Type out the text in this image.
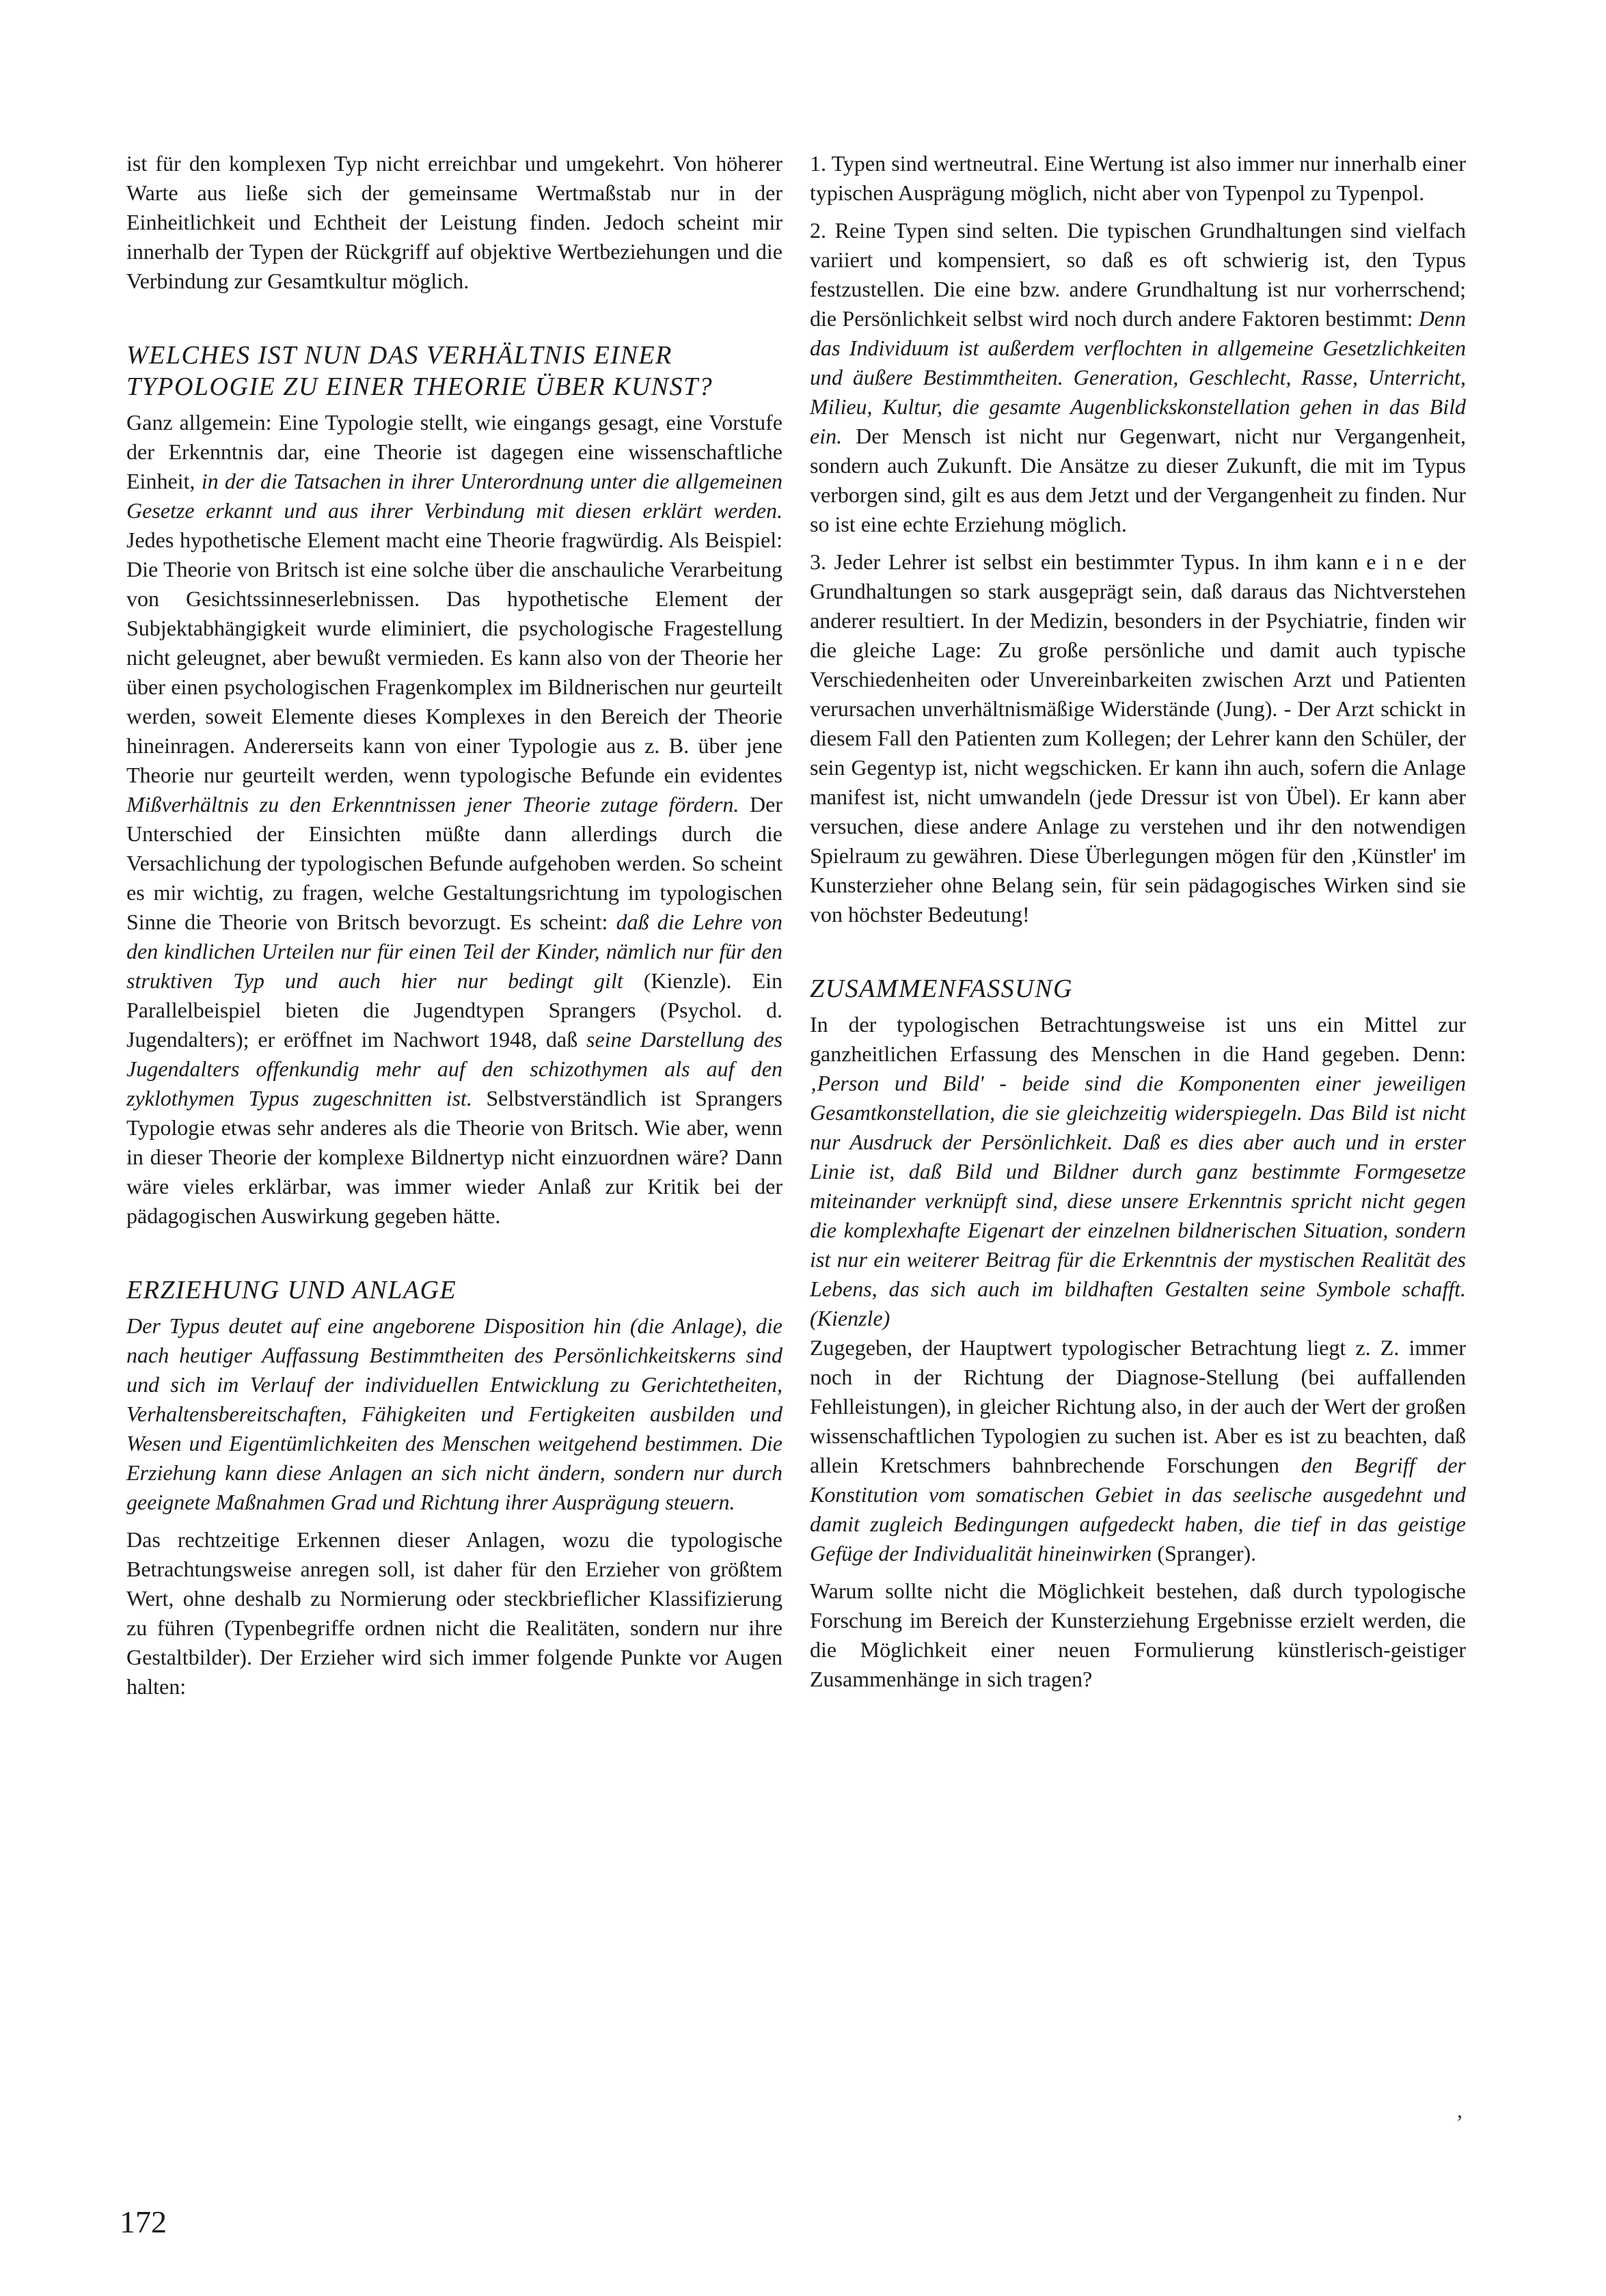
ist für den komplexen Typ nicht erreichbar und umgekehrt. Von höherer Warte aus ließe sich der gemeinsame Wertmaßstab nur in der Einheitlichkeit und Echtheit der Leistung finden. Jedoch scheint mir innerhalb der Typen der Rückgriff auf objektive Wertbeziehungen und die Verbindung zur Gesamtkultur möglich.

WELCHES IST NUN DAS VERHÄLTNIS EINER TYPOLOGIE ZU EINER THEORIE ÜBER KUNST?

Ganz allgemein: Eine Typologie stellt, wie eingangs gesagt, eine Vorstufe der Erkenntnis dar, eine Theorie ist dagegen eine wissenschaftliche Einheit, in der die Tatsachen in ihrer Unterordnung unter die allgemeinen Gesetze erkannt und aus ihrer Verbindung mit diesen erklärt werden. Jedes hypothetische Element macht eine Theorie fragwürdig. Als Beispiel: Die Theorie von Britsch ist eine solche über die anschauliche Verarbeitung von Gesichtssinneserlebnissen. Das hypothetische Element der Subjektabhängigkeit wurde eliminiert, die psychologische Fragestellung nicht geleugnet, aber bewußt vermieden. Es kann also von der Theorie her über einen psychologischen Fragenkomplex im Bildnerischen nur geurteilt werden, soweit Elemente dieses Komplexes in den Bereich der Theorie hineinragen. Andererseits kann von einer Typologie aus z. B. über jene Theorie nur geurteilt werden, wenn typologische Befunde ein evidentes Mißverhältnis zu den Erkenntnissen jener Theorie zutage fördern. Der Unterschied der Einsichten müßte dann allerdings durch die Versachlichung der typologischen Befunde aufgehoben werden. So scheint es mir wichtig, zu fragen, welche Gestaltungsrichtung im typologischen Sinne die Theorie von Britsch bevorzugt. Es scheint: daß die Lehre von den kindlichen Urteilen nur für einen Teil der Kinder, nämlich nur für den struktiven Typ und auch hier nur bedingt gilt (Kienzle). Ein Parallelbeispiel bieten die Jugendtypen Sprangers (Psychol. d. Jugendalters); er eröffnet im Nachwort 1948, daß seine Darstellung des Jugendalters offenkundig mehr auf den schizothymen als auf den zyklothymen Typus zugeschnitten ist. Selbstverständlich ist Sprangers Typologie etwas sehr anderes als die Theorie von Britsch. Wie aber, wenn in dieser Theorie der komplexe Bildnertyp nicht einzuordnen wäre? Dann wäre vieles erklärbar, was immer wieder Anlaß zur Kritik bei der pädagogischen Auswirkung gegeben hätte.

ERZIEHUNG UND ANLAGE

Der Typus deutet auf eine angeborene Disposition hin (die Anlage), die nach heutiger Auffassung Bestimmtheiten des Persönlichkeitskerns sind und sich im Verlauf der individuellen Entwicklung zu Gerichtetheiten, Verhaltensbereitschaften, Fähigkeiten und Fertigkeiten ausbilden und Wesen und Eigentümlichkeiten des Menschen weitgehend bestimmen. Die Erziehung kann diese Anlagen an sich nicht ändern, sondern nur durch geeignete Maßnahmen Grad und Richtung ihrer Ausprägung steuern.

Das rechtzeitige Erkennen dieser Anlagen, wozu die typologische Betrachtungsweise anregen soll, ist daher für den Erzieher von größtem Wert, ohne deshalb zu Normierung oder steckbrieflicher Klassifizierung zu führen (Typenbegriffe ordnen nicht die Realitäten, sondern nur ihre Gestaltbilder). Der Erzieher wird sich immer folgende Punkte vor Augen halten:

1. Typen sind wertneutral. Eine Wertung ist also immer nur innerhalb einer typischen Ausprägung möglich, nicht aber von Typenpol zu Typenpol.

2. Reine Typen sind selten. Die typischen Grundhaltungen sind vielfach variiert und kompensiert, so daß es oft schwierig ist, den Typus festzustellen. Die eine bzw. andere Grundhaltung ist nur vorherrschend; die Persönlichkeit selbst wird noch durch andere Faktoren bestimmt: Denn das Individuum ist außerdem verflochten in allgemeine Gesetzlichkeiten und äußere Bestimmtheiten. Generation, Geschlecht, Rasse, Unterricht, Milieu, Kultur, die gesamte Augenblickskonstellation gehen in das Bild ein. Der Mensch ist nicht nur Gegenwart, nicht nur Vergangenheit, sondern auch Zukunft. Die Ansätze zu dieser Zukunft, die mit im Typus verborgen sind, gilt es aus dem Jetzt und der Vergangenheit zu finden. Nur so ist eine echte Erziehung möglich.

3. Jeder Lehrer ist selbst ein bestimmter Typus. In ihm kann eine der Grundhaltungen so stark ausgeprägt sein, daß daraus das Nichtverstehen anderer resultiert. In der Medizin, besonders in der Psychiatrie, finden wir die gleiche Lage: Zu große persönliche und damit auch typische Verschiedenheiten oder Unvereinbarkeiten zwischen Arzt und Patienten verursachen unverhältnismäßige Widerstände (Jung). - Der Arzt schickt in diesem Fall den Patienten zum Kollegen; der Lehrer kann den Schüler, der sein Gegentyp ist, nicht wegschicken. Er kann ihn auch, sofern die Anlage manifest ist, nicht umwandeln (jede Dressur ist von Übel). Er kann aber versuchen, diese andere Anlage zu verstehen und ihr den notwendigen Spielraum zu gewähren. Diese Überlegungen mögen für den ‚Künstler' im Kunsterzieher ohne Belang sein, für sein pädagogisches Wirken sind sie von höchster Bedeutung!

ZUSAMMENFASSUNG

In der typologischen Betrachtungsweise ist uns ein Mittel zur ganzheitlichen Erfassung des Menschen in die Hand gegeben. Denn: ‚Person und Bild' - beide sind die Komponenten einer jeweiligen Gesamtkonstellation, die sie gleichzeitig widerspiegeln. Das Bild ist nicht nur Ausdruck der Persönlichkeit. Daß es dies aber auch und in erster Linie ist, daß Bild und Bildner durch ganz bestimmte Formgesetze miteinander verknüpft sind, diese unsere Erkenntnis spricht nicht gegen die komplexhafte Eigenart der einzelnen bildnerischen Situation, sondern ist nur ein weiterer Beitrag für die Erkenntnis der mystischen Realität des Lebens, das sich auch im bildhaften Gestalten seine Symbole schafft. (Kienzle)

Zugegeben, der Hauptwert typologischer Betrachtung liegt z. Z. immer noch in der Richtung der Diagnose-Stellung (bei auffallenden Fehlleistungen), in gleicher Richtung also, in der auch der Wert der großen wissenschaftlichen Typologien zu suchen ist. Aber es ist zu beachten, daß allein Kretschmers bahnbrechende Forschungen den Begriff der Konstitution vom somatischen Gebiet in das seelische ausgedehnt und damit zugleich Bedingungen aufgedeckt haben, die tief in das geistige Gefüge der Individualität hineinwirken (Spranger).

Warum sollte nicht die Möglichkeit bestehen, daß durch typologische Forschung im Bereich der Kunsterziehung Ergebnisse erzielt werden, die die Möglichkeit einer neuen Formulierung künstlerisch-geistiger Zusammenhänge in sich tragen?

,
172
